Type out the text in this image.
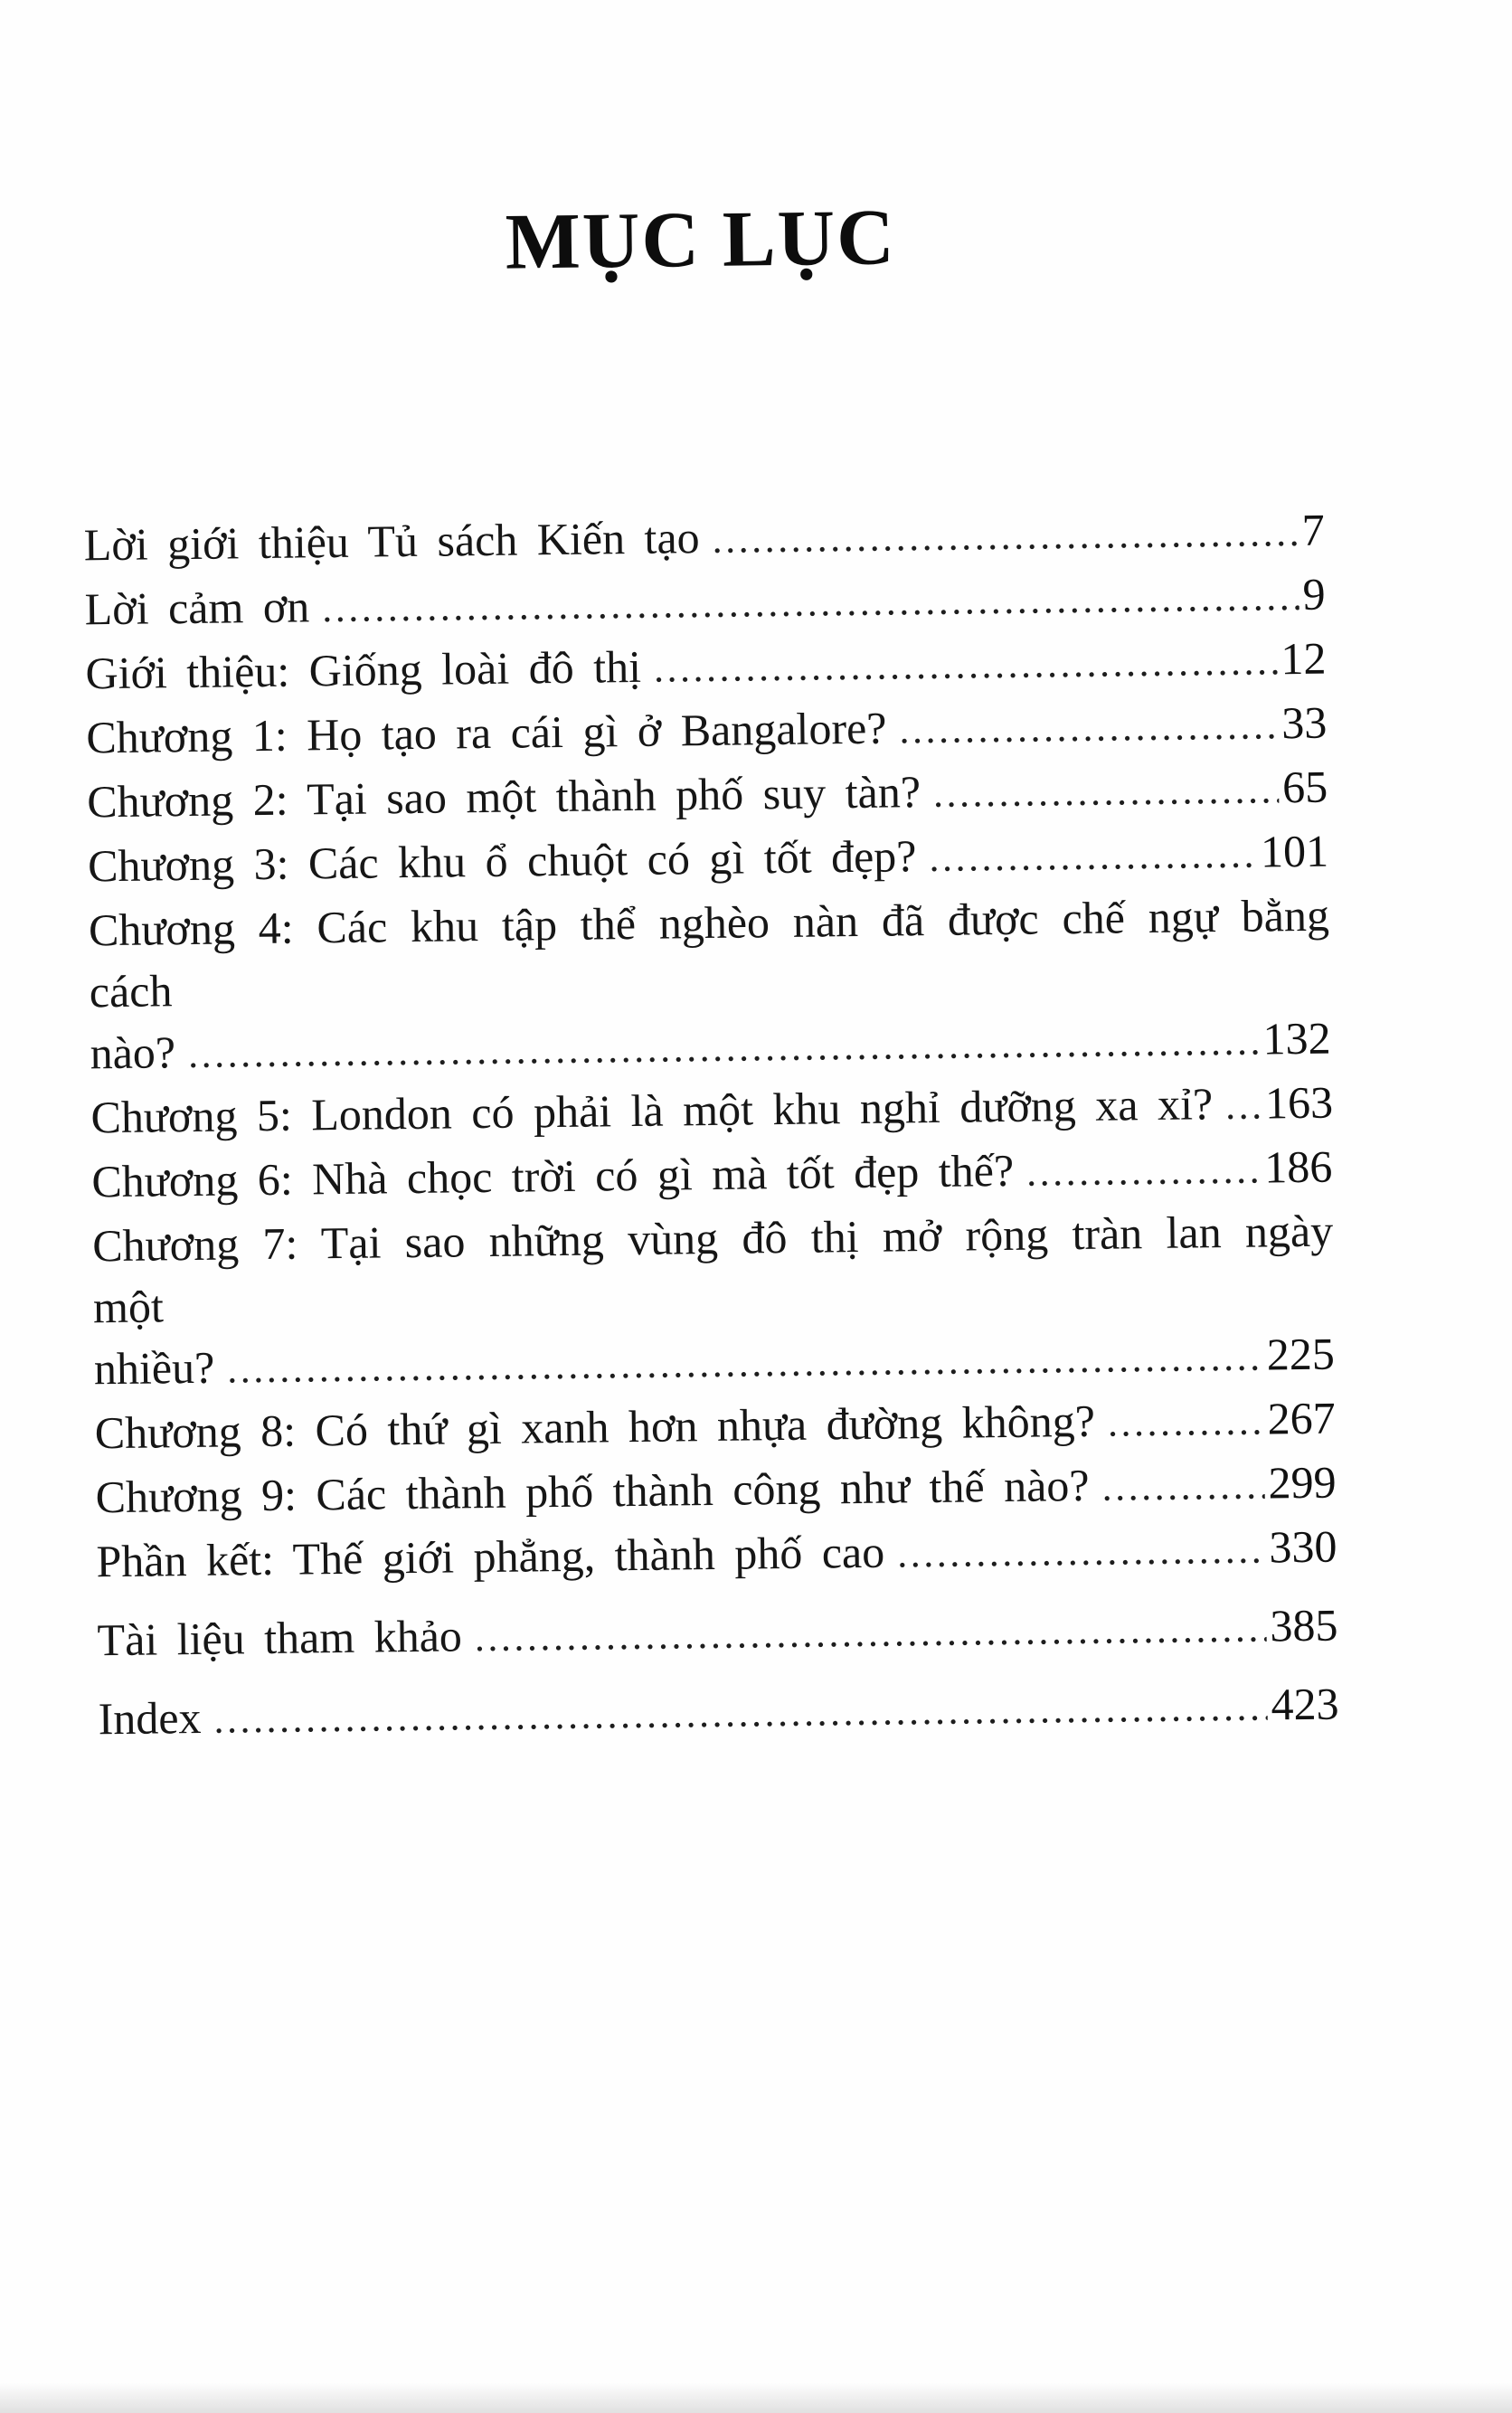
MỤC LỤC
Lời giới thiệu Tủ sách Kiến tạo .....	7
Lời cảm ơn .....	9
Giới thiệu: Giống loài đô thị .....	12
Chương 1: Họ tạo ra cái gì ở Bangalore? .....	33
Chương 2: Tại sao một thành phố suy tàn? .....	65
Chương 3: Các khu ổ chuột có gì tốt đẹp? .....	101
Chương 4: Các khu tập thể nghèo nàn đã được chế ngự bằng cách
nào? .....	132
Chương 5: London có phải là một khu nghỉ dưỡng xa xỉ? ..... 163
Chương 6: Nhà chọc trời có gì mà tốt đẹp thế? .....	186
Chương 7: Tại sao những vùng đô thị mở rộng tràn lan ngày một
nhiều? .....	225
Chương 8: Có thứ gì xanh hơn nhựa đường không? .....	267
Chương 9: Các thành phố thành công như thế nào? .....	299
Phần kết: Thế giới phẳng, thành phố cao .....	330
Tài liệu tham khảo .....	385
Index .....	423
